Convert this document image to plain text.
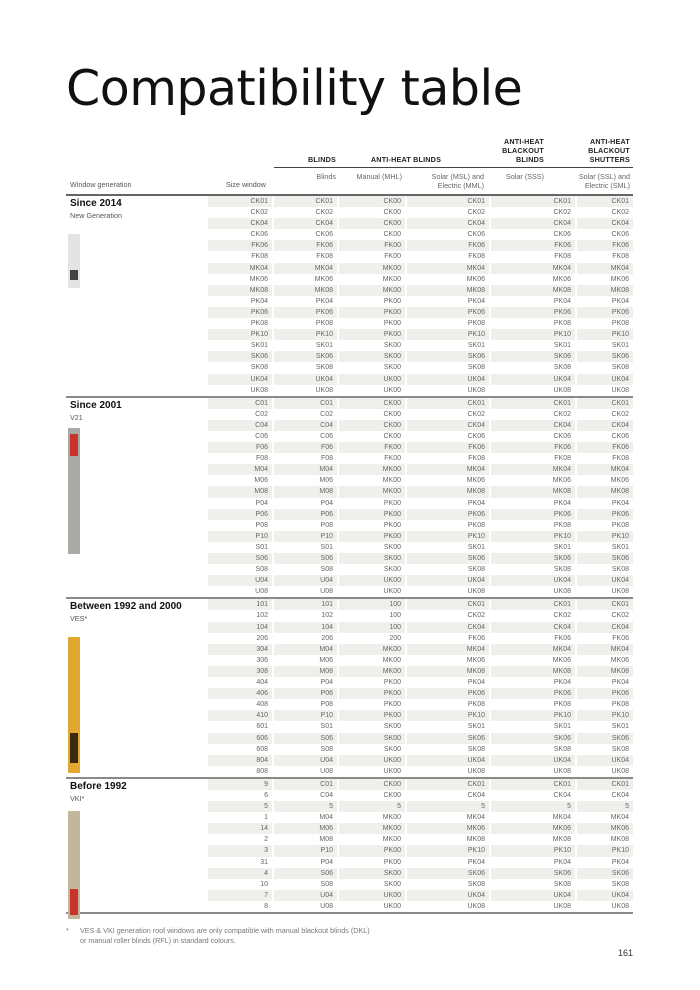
Compatibility table
Window generation	Size window
BLINDS	ANTI-HEAT BLINDS
ANTI-HEAT
BLACKOUT
BLINDS
ANTI-HEAT
BLACKOUT
SHUTTERS
Blinds	Manual (MHL)	Solar (MSL) and
Electric (MML)
Solar (SSS)	Solar (SSL) and
Electric (SML)
Since 2014
New Generation
CK01	CK01	CK00	CK01	CK01	CK01
CK02	CK02	CK00	CK02	CK02	CK02
CK04	CK04	CK00	CK04	CK04	CK04
CK06	CK06	CK00	CK06	CK06	CK06
FK06	FK06	FK00	FK06	FK06	FK06
FK08	FK08	FK00	FK08	FK08	FK08
MK04	MK04	MK00	MK04	MK04	MK04
MK06	MK06	MK00	MK06	MK06	MK06
MK08	MK08	MK00	MK08	MK08	MK08
PK04	PK04	PK00	PK04	PK04	PK04
PK06	PK06	PK00	PK06	PK06	PK06
PK08	PK08	PK00	PK08	PK08	PK08
PK10	PK10	PK00	PK10	PK10	PK10
SK01	SK01	SK00	SK01	SK01	SK01
SK06	SK06	SK00	SK06	SK06	SK06
SK08	SK08	SK00	SK08	SK08	SK08
UK04	UK04	UK00	UK04	UK04	UK04
UK08	UK08	UK00	UK08	UK08	UK08
Since 2001
V21
C01	C01	CK00	CK01	CK01	CK01
C02	C02	CK00	CK02	CK02	CK02
C04	C04	CK00	CK04	CK04	CK04
C06	C06	CK00	CK06	CK06	CK06
F06	F06	FK00	FK06	FK06	FK06
F08	F08	FK00	FK08	FK08	FK08
M04	M04	MK00	MK04	MK04	MK04
M06	M06	MK00	MK06	MK06	MK06
M08	M08	MK00	MK08	MK08	MK08
P04	P04	PK00	PK04	PK04	PK04
P06	P06	PK00	PK06	PK06	PK06
P08	P08	PK00	PK08	PK08	PK08
P10	P10	PK00	PK10	PK10	PK10
S01	S01	SK00	SK01	SK01	SK01
S06	S06	SK00	SK06	SK06	SK06
S08	S08	SK00	SK08	SK08	SK08
U04	U04	UK00	UK04	UK04	UK04
U08	U08	UK00	UK08	UK08	UK08
Between 1992 and 2000
VES*
101	101	100	CK01	CK01	CK01
102	102	100	CK02	CK02	CK02
104	104	100	CK04	CK04	CK04
206	206	200	FK06	FK06	FK06
304	M04	MK00	MK04	MK04	MK04
306	M06	MK00	MK06	MK06	MK06
308	M08	MK00	MK08	MK08	MK08
404	P04	PK00	PK04	PK04	PK04
406	P06	PK00	PK06	PK06	PK06
408	P08	PK00	PK08	PK08	PK08
410	P10	PK00	PK10	PK10	PK10
601	S01	SK00	SK01	SK01	SK01
606	S06	SK00	SK06	SK06	SK06
608	S08	SK00	SK08	SK08	SK08
804	U04	UK00	UK04	UK04	UK04
808	U08	UK00	UK08	UK08	UK08
Before 1992
VKI*
9	C01	CK00	CK01	CK01	CK01
6	C04	CK00	CK04	CK04	CK04
5	5	5	5	5	5
1	M04	MK00	MK04	MK04	MK04
14	M06	MK00	MK06	MK06	MK06
2	M08	MK00	MK08	MK08	MK08
3	P10	PK00	PK10	PK10	PK10
31	P04	PK00	PK04	PK04	PK04
4	S06	SK00	SK06	SK06	SK06
10	S08	SK00	SK08	SK08	SK08
7	U04	UK00	UK04	UK04	UK04
8	U08	UK00	UK08	UK08	UK08
* VES & VKI generation roof windows are only compatible with manual blackout blinds (DKL)
or manual roller blinds (RFL) in standard colours.
161
